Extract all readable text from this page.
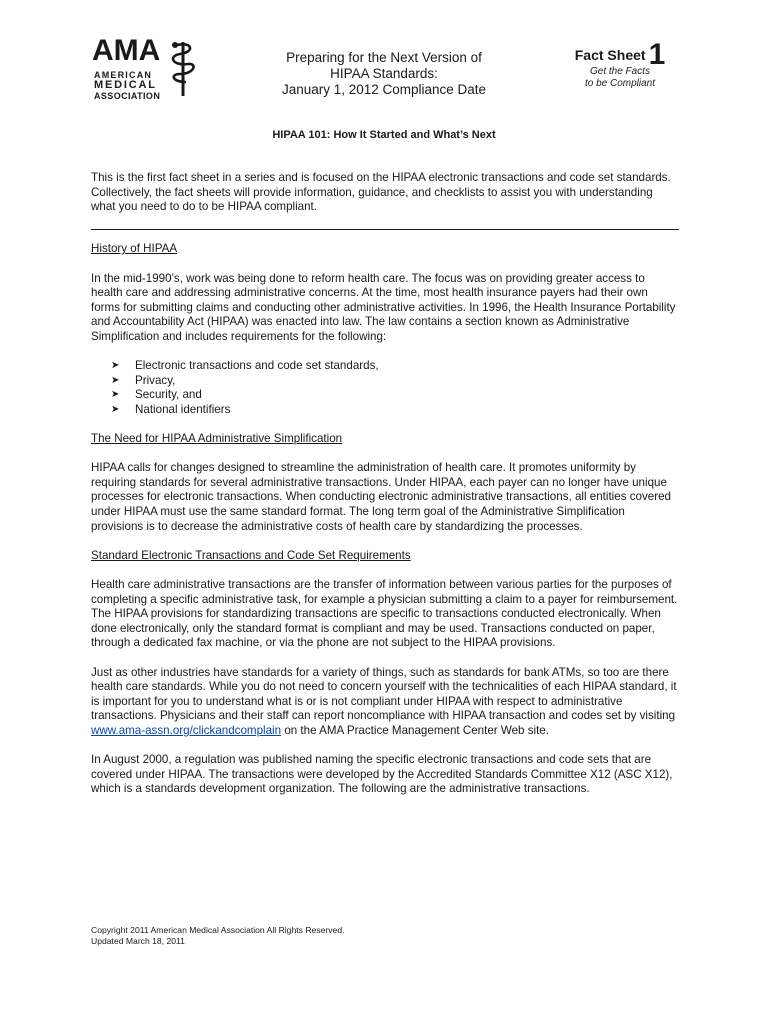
AMA
AMERICAN
MEDICAL
ASSOCIATION
Preparing for the Next Version of
HIPAA Standards:
January 1, 2012 Compliance Date
Fact Sheet 1
Get the Facts
to be Compliant
HIPAA 101: How It Started and What’s Next

This is the first fact sheet in a series and is focused on the HIPAA electronic transactions and code set standards. Collectively, the fact sheets will provide information, guidance, and checklists to assist you with understanding what you need to do to be HIPAA compliant.

History of HIPAA

In the mid-1990’s, work was being done to reform health care. The focus was on providing greater access to health care and addressing administrative concerns. At the time, most health insurance payers had their own forms for submitting claims and conducting other administrative activities. In 1996, the Health Insurance Portability and Accountability Act (HIPAA) was enacted into law. The law contains a section known as Administrative Simplification and includes requirements for the following:

➤ Electronic transactions and code set standards,
➤ Privacy,
➤ Security, and
➤ National identifiers
The Need for HIPAA Administrative Simplification

HIPAA calls for changes designed to streamline the administration of health care. It promotes uniformity by requiring standards for several administrative transactions. Under HIPAA, each payer can no longer have unique processes for electronic transactions. When conducting electronic administrative transactions, all entities covered under HIPAA must use the same standard format. The long term goal of the Administrative Simplification provisions is to decrease the administrative costs of health care by standardizing the processes.

Standard Electronic Transactions and Code Set Requirements

Health care administrative transactions are the transfer of information between various parties for the purposes of completing a specific administrative task, for example a physician submitting a claim to a payer for reimbursement. The HIPAA provisions for standardizing transactions are specific to transactions conducted electronically. When done electronically, only the standard format is compliant and may be used. Transactions conducted on paper, through a dedicated fax machine, or via the phone are not subject to the HIPAA provisions.

Just as other industries have standards for a variety of things, such as standards for bank ATMs, so too are there health care standards. While you do not need to concern yourself with the technicalities of each HIPAA standard, it is important for you to understand what is or is not compliant under HIPAA with respect to administrative transactions. Physicians and their staff can report noncompliance with HIPAA transaction and codes set by visiting www.ama-assn.org/clickandcomplain on the AMA Practice Management Center Web site.

In August 2000, a regulation was published naming the specific electronic transactions and code sets that are covered under HIPAA. The transactions were developed by the Accredited Standards Committee X12 (ASC X12), which is a standards development organization. The following are the administrative transactions.

Copyright 2011 American Medical Association All Rights Reserved.
Updated March 18, 2011
